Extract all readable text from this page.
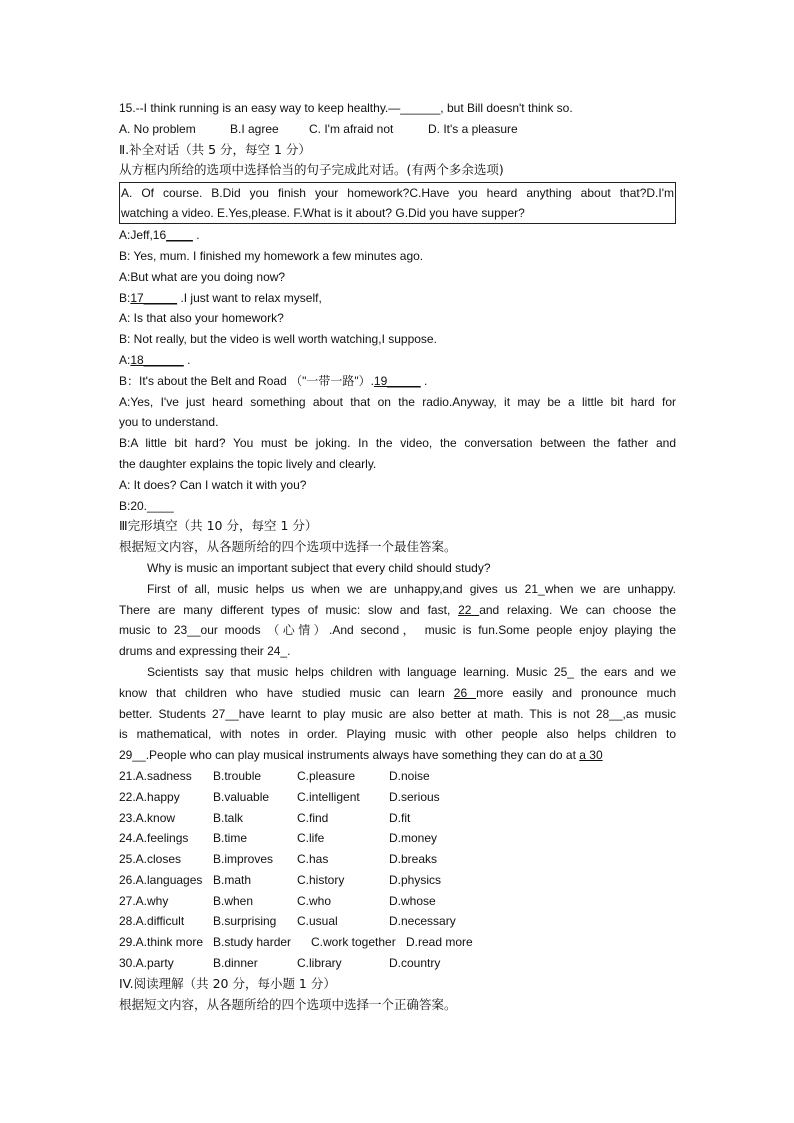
15.--I think running is an easy way to keep healthy.—______, but Bill doesn't think so.
A. No problem	B.I agree	C. I'm afraid not	D. It's a pleasure
Ⅱ.补全对话（共 5 分，每空 1 分）
从方框内所给的选项中选择恰当的句子完成此对话。(有两个多余选项)
A. Of course. B.Did you finish your homework?C.Have you heard anything about that?D.I'm
watching a video. E.Yes,please. F.What is it about? G.Did you have supper?
A:Jeff,16____ .
B: Yes, mum. I finished my homework a few minutes ago.
A:But what are you doing now?
B:17_____ .I just want to relax myself,
A: Is that also your homework?
B: Not really, but the video is well worth watching,I suppose.
A:18______ .
B：It's about the Belt and Road （"一带一路"）.19_____ .
A:Yes, I've just heard something about that on the radio.Anyway, it may be a little bit hard for
you to understand.
B:A little bit hard? You must be joking. In the video, the conversation between the father and
the daughter explains the topic lively and clearly.
A: It does? Can I watch it with you?
B:20.____
Ⅲ完形填空（共 10 分，每空 1 分）
根据短文内容，从各题所给的四个选项中选择一个最佳答案。
Why is music an important subject that every child should study?
First of all, music helps us when we are unhappy,and gives us 21_when we are unhappy.
There are many different types of music: slow and fast, 22 and relaxing. We can choose the
music to 23__our moods （心情）.And second， music is fun.Some people enjoy playing the
drums and expressing their 24_.
Scientists say that music helps children with language learning. Music 25_ the ears and we
know that children who have studied music can learn 26 more easily and pronounce much
better. Students 27__have learnt to play music are also better at math. This is not 28__,as music
is mathematical, with notes in order. Playing music with other people also helps children to
29__.People who can play musical instruments always have something they can do at a 30
21.A.sadness B.trouble	C.pleasure	D.noise
22.A.happy	B.valuable C.intelligent D.serious
23.A.know	B.talk	C.find	D.fit
24.A.feelings B.time	C.life	D.money
25.A.closes	B.improves C.has	D.breaks
26.A.languages B.math	C.history	D.physics
27.A.why	B.when	C.who	D.whose
28.A.difficult B.surprising C.usual	D.necessary
29.A.think more B.study harder C.work together D.read more
30.A.party	B.dinner	C.library	D.country
IV.阅读理解（共 20 分，每小题 1 分）
根据短文内容，从各题所给的四个选项中选择一个正确答案。
